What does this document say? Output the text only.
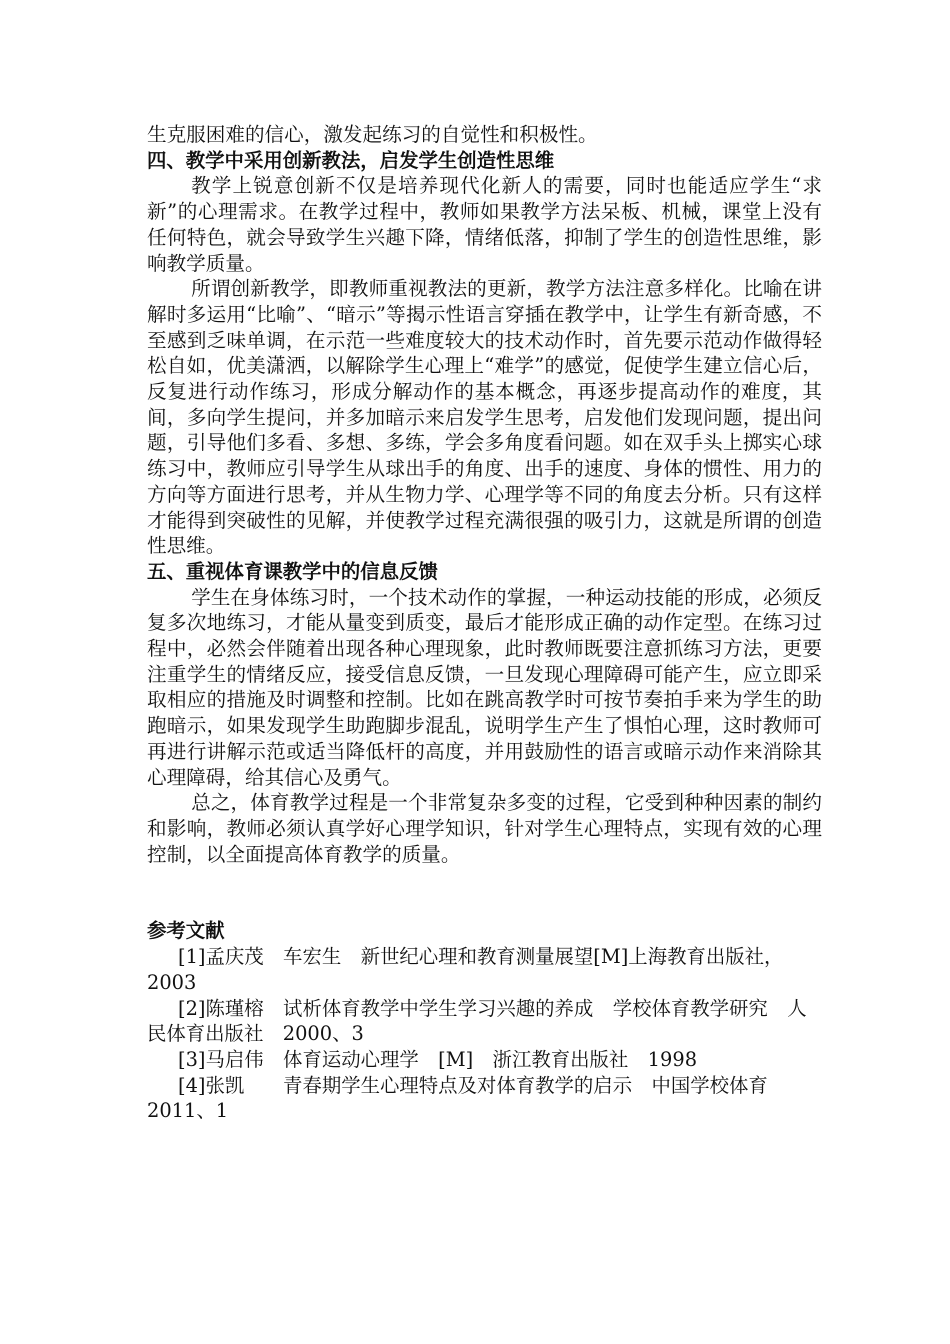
生克服困难的信心，激发起练习的自觉性和积极性。

四、教学中采用创新教法，启发学生创造性思维

教学上锐意创新不仅是培养现代化新人的需要，同时也能适应学生“求新”的心理需求。在教学过程中，教师如果教学方法呆板、机械，课堂上没有任何特色，就会导致学生兴趣下降，情绪低落，抑制了学生的创造性思维，影响教学质量。

所谓创新教学，即教师重视教法的更新，教学方法注意多样化。比喻在讲解时多运用“比喻”、“暗示”等揭示性语言穿插在教学中，让学生有新奇感，不至感到乏味单调，在示范一些难度较大的技术动作时，首先要示范动作做得轻松自如，优美潇洒，以解除学生心理上“难学”的感觉，促使学生建立信心后，反复进行动作练习，形成分解动作的基本概念，再逐步提高动作的难度，其间，多向学生提问，并多加暗示来启发学生思考，启发他们发现问题，提出问题，引导他们多看、多想、多练，学会多角度看问题。如在双手头上掷实心球练习中，教师应引导学生从球出手的角度、出手的速度、身体的惯性、用力的方向等方面进行思考，并从生物力学、心理学等不同的角度去分析。只有这样才能得到突破性的见解，并使教学过程充满很强的吸引力，这就是所谓的创造性思维。

五、重视体育课教学中的信息反馈

学生在身体练习时，一个技术动作的掌握，一种运动技能的形成，必须反复多次地练习，才能从量变到质变，最后才能形成正确的动作定型。在练习过程中，必然会伴随着出现各种心理现象，此时教师既要注意抓练习方法，更要注重学生的情绪反应，接受信息反馈，一旦发现心理障碍可能产生，应立即采取相应的措施及时调整和控制。比如在跳高教学时可按节奏拍手来为学生的助跑暗示，如果发现学生助跑脚步混乱，说明学生产生了惧怕心理，这时教师可再进行讲解示范或适当降低杆的高度，并用鼓励性的语言或暗示动作来消除其心理障碍，给其信心及勇气。

总之，体育教学过程是一个非常复杂多变的过程，它受到种种因素的制约和影响，教师必须认真学好心理学知识，针对学生心理特点，实现有效的心理控制，以全面提高体育教学的质量。

参考文献

[1]孟庆茂　车宏生　新世纪心理和教育测量展望[M]上海教育出版社，2003

[2]陈瑾榕　试析体育教学中学生学习兴趣的养成　学校体育教学研究　人民体育出版社　2000、3

[3]马启伟　体育运动心理学　[M]　浙江教育出版社　1998

[4]张凯　　青春期学生心理特点及对体育教学的启示　中国学校体育　2011、1
